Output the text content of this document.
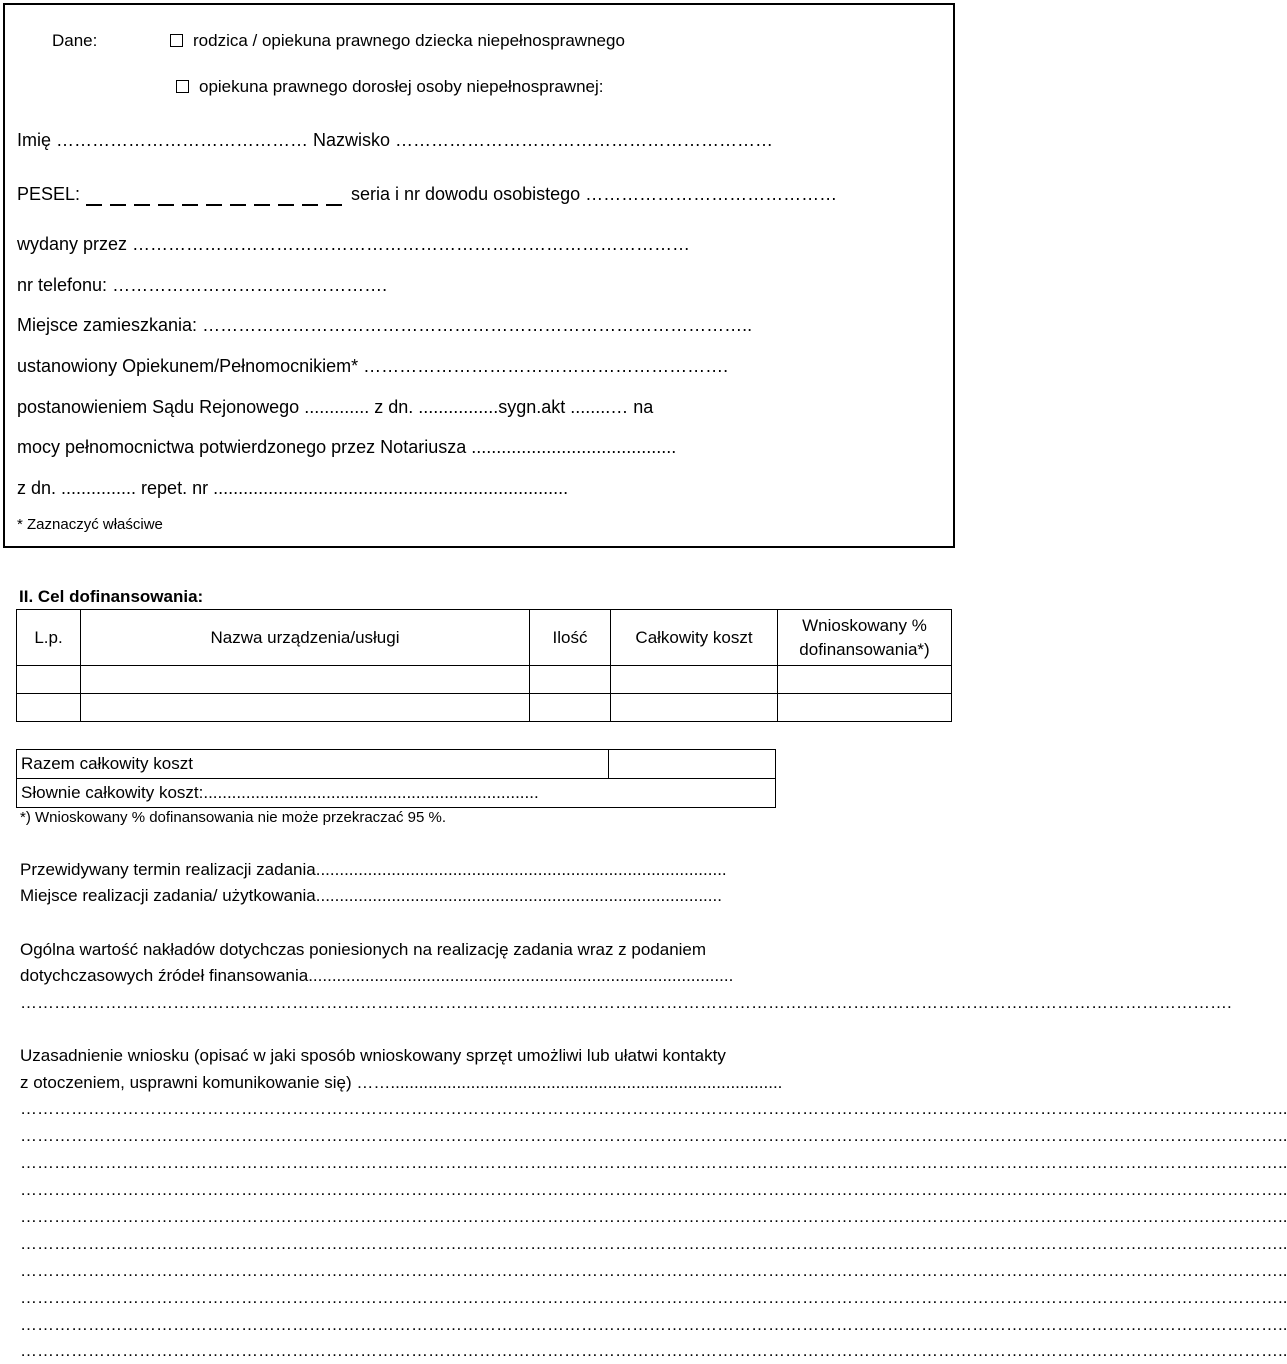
Dane:	rodzica / opiekuna prawnego dziecka niepełnosprawnego
opiekuna prawnego dorosłej osoby niepełnosprawnej:
Imię …………………………………… Nazwisko ………………………………………………………
PESEL:	seria i nr dowodu osobistego ……………………………………
wydany przez …………………………………………………………………………………
nr telefonu: ……………………………………….
Miejsce zamieszkania: ………………………………………………………………………………..
ustanowiony Opiekunem/Pełnomocnikiem* …………………………………………………….
postanowieniem Sądu Rejonowego ............. z dn. ................sygn.akt ........… na
mocy pełnomocnictwa potwierdzonego przez Notariusza .........................................
z dn. ............... repet. nr .......................................................................
* Zaznaczyć właściwe
II. Cel dofinansowania:
L.p.	Nazwa urządzenia/usługi	Ilość	Całkowity koszt	Wnioskowany %
dofinansowania*)

Razem całkowity koszt	
Słownie całkowity koszt:.......................................................................
*) Wnioskowany % dofinansowania nie może przekraczać 95 %.
Przewidywany termin realizacji zadania.......................................................................................
Miejsce realizacji zadania/ użytkowania......................................................................................
Ogólna wartość nakładów dotychczas poniesionych na realizację zadania wraz z podaniem
dotychczasowych źródeł finansowania..........................................................................................
…………………………………………………………………………………………………………………………………………………………………………………………….
Uzasadnienie wniosku (opisać w jaki sposób wnioskowany sprzęt umożliwi lub ułatwi kontakty
z otoczeniem, usprawni komunikowanie się) ……...................................................................................
……………………………………………………………………………………………………………………………………………………………………………………………………..
……………………………………………………………………………………………………………………………………………………………………………………………………..
……………………………………………………………………………………………………………………………………………………………………………………………………..
……………………………………………………………………………………………………………………………………………………………………………………………………..
……………………………………………………………………………………………………………………………………………………………………………………………………..
……………………………………………………………………………………………………………………………………………………………………………………………………..
……………………………………………………………………………………………………………………………………………………………………………………………………..
……………………………………………………………………………………………………………………………………………………………………………………………………..
……………………………………………………………………………………………………………………………………………………………………………………………………..
……………………………………………………………………………………………………………………………………………………………………………………………………..
